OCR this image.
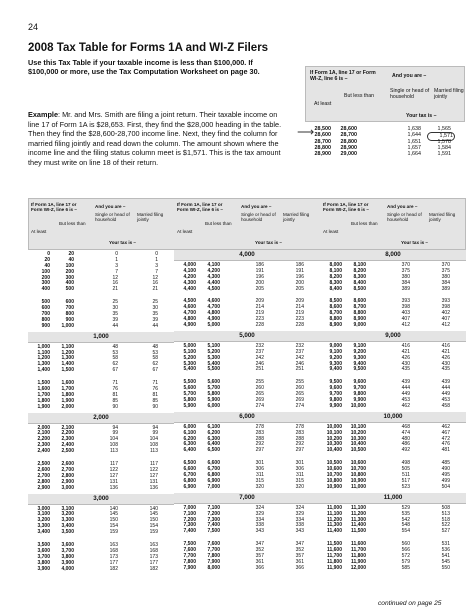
24
2008 Tax Table for Forms 1A and WI-Z Filers
Use this Tax Table if your taxable income is less than $100,000. If $100,000 or more, use the Tax Computation Worksheet on page 30.
Example: Mr. and Mrs. Smith are filing a joint return. Their taxable income on line 17 of Form 1A is $28,653. First, they find the $28,000 heading in the table. Then they find the $28,600-28,700 income line. Next, they find the column for married filing jointly and read down the column. The amount shown where the income line and the filing status column meet is $1,571. This is the tax amount they must write on line 18 of their return.
⟶
If Form 1A, line 17 or Form WI-Z, line 6 is –	And you are –
At least
But less than
Single or head of household
Married filing jointly
Your tax is –
28,500	28,600	1,638	1,565
28,600	28,700	1,644	1,571
28,700	28,800	1,651	1,578
28,800	28,900	1,657	1,584
28,900	29,000	1,664	1,591
If Form 1A, line 17 or Form WI-Z, line 6 is –
And you are –
At least
But less than
Single or head of household
Married filing jointly
Your tax is –
If Form 1A, line 17 or Form WI-Z, line 6 is –
And you are –
At least
But less than
Single or head of household
Married filing jointly
Your tax is –
If Form 1A, line 17 or Form WI-Z, line 6 is –
And you are –
At least
But less than
Single or head of household
Married filing jointly
Your tax is –
0	20	0	0
20	40	1	1
40	100	3	3
100	200	7	7
200	300	12	12
300	400	16	16
400	500	21	21
500	600	25	25
600	700	30	30
700	800	35	35
800	900	39	39
900	1,000	44	44
1,000
1,000	1,100	48	48
1,100	1,200	53	53
1,200	1,300	58	58
1,300	1,400	62	62
1,400	1,500	67	67
1,500	1,600	71	71
1,600	1,700	76	76
1,700	1,800	81	81
1,800	1,900	85	85
1,900	2,000	90	90
2,000
2,000	2,100	94	94
2,100	2,200	99	99
2,200	2,300	104	104
2,300	2,400	108	108
2,400	2,500	113	113
2,500	2,600	117	117
2,600	2,700	122	122
2,700	2,800	127	127
2,800	2,900	131	131
2,900	3,000	136	136
3,000
3,000	3,100	140	140
3,100	3,200	145	145
3,200	3,300	150	150
3,300	3,400	154	154
3,400	3,500	159	159
3,500	3,600	163	163
3,600	3,700	168	168
3,700	3,800	173	173
3,800	3,900	177	177
3,900	4,000	182	182
4,000
4,000	4,100	186	186
4,100	4,200	191	191
4,200	4,300	196	196
4,300	4,400	200	200
4,400	4,500	205	205
4,500	4,600	209	209
4,600	4,700	214	214
4,700	4,800	219	219
4,800	4,900	223	223
4,900	5,000	228	228
5,000
5,000	5,100	232	232
5,100	5,200	237	237
5,200	5,300	242	242
5,300	5,400	246	246
5,400	5,500	251	251
5,500	5,600	255	255
5,600	5,700	260	260
5,700	5,800	265	265
5,800	5,900	269	269
5,900	6,000	274	274
6,000
6,000	6,100	278	278
6,100	6,200	283	283
6,200	6,300	288	288
6,300	6,400	292	292
6,400	6,500	297	297
6,500	6,600	301	301
6,600	6,700	306	306
6,700	6,800	311	311
6,800	6,900	315	315
6,900	7,000	320	320
7,000
7,000	7,100	324	324
7,100	7,200	329	329
7,200	7,300	334	334
7,300	7,400	338	338
7,400	7,500	343	343
7,500	7,600	347	347
7,600	7,700	352	352
7,700	7,800	357	357
7,800	7,900	361	361
7,900	8,000	366	366
8,000
8,000	8,100	370	370
8,100	8,200	375	375
8,200	8,300	380	380
8,300	8,400	384	384
8,400	8,500	389	389
8,500	8,600	393	393
8,600	8,700	398	398
8,700	8,800	403	402
8,800	8,900	407	407
8,900	9,000	412	412
9,000
9,000	9,100	416	416
9,100	9,200	421	421
9,200	9,300	426	426
9,300	9,400	430	430
9,400	9,500	435	435
9,500	9,600	439	439
9,600	9,700	444	444
9,700	9,800	449	449
9,800	9,900	453	453
9,900	10,000	462	458
10,000
10,000	10,100	468	462
10,100	10,200	474	467
10,200	10,300	480	472
10,300	10,400	486	476
10,400	10,500	492	481
10,500	10,600	498	485
10,600	10,700	505	490
10,700	10,800	511	495
10,800	10,900	517	499
10,900	11,000	523	504
11,000
11,000	11,100	529	508
11,100	11,200	535	513
11,200	11,300	542	518
11,300	11,400	548	522
11,400	11,500	554	527
11,500	11,600	560	531
11,600	11,700	566	536
11,700	11,800	572	541
11,800	11,900	579	545
11,900	12,000	585	550
continued on page 25
